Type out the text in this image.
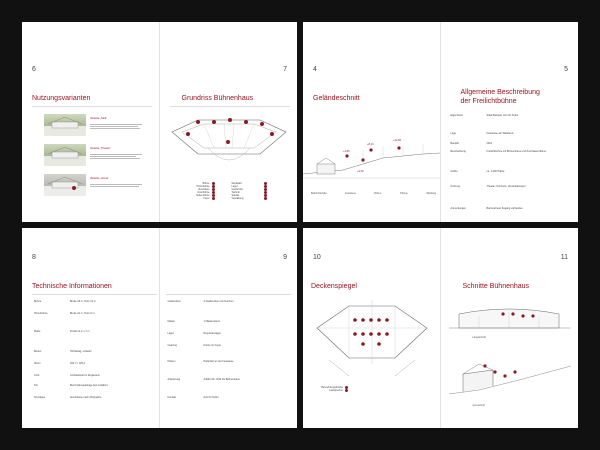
6
Nutzungsvarianten
Variante „Saal“
Variante „Theater“
Variante „Arena“
7
Grundriss Bühnenhaus
Bühne
Hinterbühne
Zuschauer
Unterbühne
Seitenbühne
Foyer
Werkstatt
Lager
Garderobe
Technik
Sanitär
Verwaltung
4
Geländeschnitt
+1,80
+4,30
+8,10
+12,60
Bahnhofstraße	Festwiese	Bühne	Tribüne	Waldweg
5
Allgemeine Beschreibung
der Freilichtbühne
Eigentümer	Stadt Beispiel, Amt für Kultur
Lage	Festwiese am Waldrand
Baujahr	2012
Beschreibung	Freilichtbühne mit Bühnenhaus und Zuschauertribüne
Größe	ca. 1.200 Plätze
Nutzung	Theater, Konzerte, Veranstaltungen
Anmerkungen	Barrierefreier Zugang vorhanden
8
Technische Informationen
Bühne	Breite 18 m, Tiefe 12 m
Hinterbühne	Breite 10 m, Tiefe 6 m
Maße	Portal 14 m x 7 m
Boden	Holzbelag, schwarz
Strom	400 V / 125 A
Licht	Lichtstellpult im Regieraum
Ton	Beschallungsanlage fest installiert
Sonstiges	Anschlüsse nach Absprache
9
Garderoben	4 Garderoben mit Duschen
Maske	1 Maskenraum
Lager	Requisitenlager
Catering	Küche im Foyer
Parken	Parkplatz an der Festwiese
Anlieferung	Zufahrt für LKW bis Bühnenhaus
Kontakt	Amt für Kultur
10
Deckenspiegel
Beleuchtungsbrücke
Lautsprecher
11
Schnitte Bühnenhaus
Längsschnitt
Querschnitt
